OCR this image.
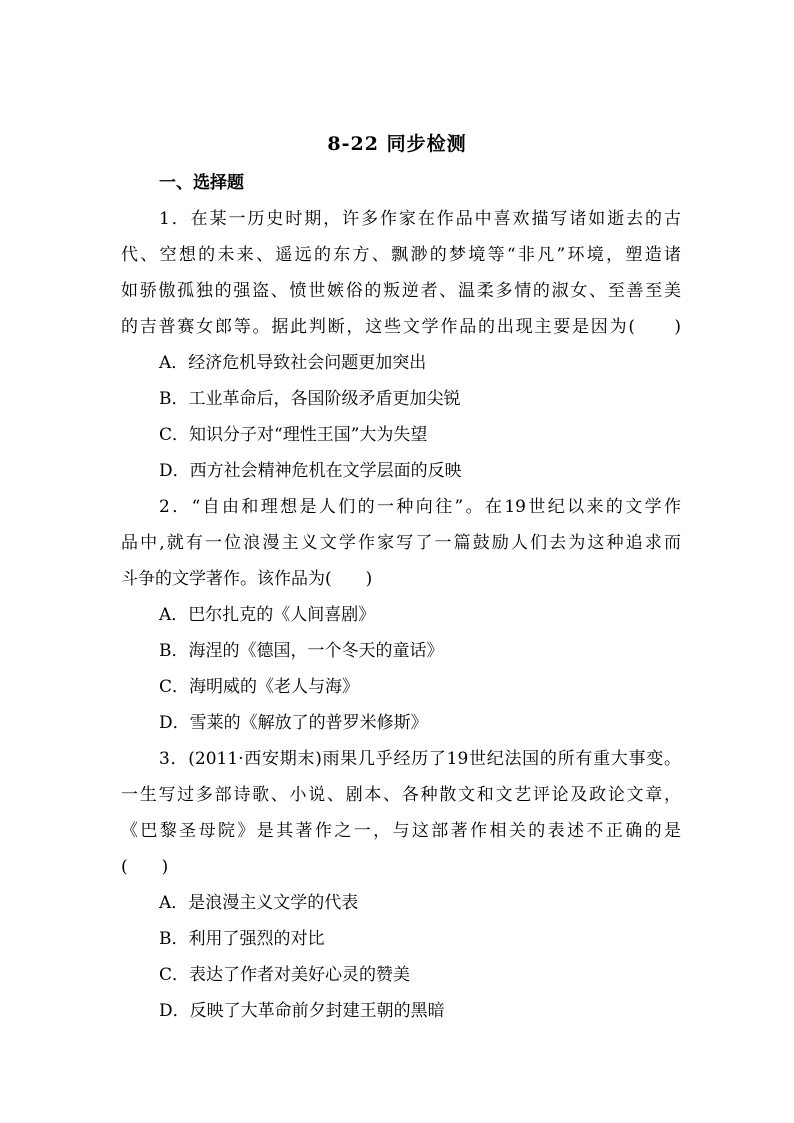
8-22 同步检测
一、选择题
1．在某一历史时期，许多作家在作品中喜欢描写诸如逝去的古
代、空想的未来、遥远的东方、飘渺的梦境等“非凡”环境，塑造诸
如骄傲孤独的强盗、愤世嫉俗的叛逆者、温柔多情的淑女、至善至美
的吉普赛女郎等。据此判断，这些文学作品的出现主要是因为(　　)
A．经济危机导致社会问题更加突出
B．工业革命后，各国阶级矛盾更加尖锐
C．知识分子对“理性王国”大为失望
D．西方社会精神危机在文学层面的反映
2．“自由和理想是人们的一种向往”。在19世纪以来的文学作
品中,就有一位浪漫主义文学作家写了一篇鼓励人们去为这种追求而
斗争的文学著作。该作品为(　　)
A．巴尔扎克的《人间喜剧》
B．海涅的《德国，一个冬天的童话》
C．海明威的《老人与海》
D．雪莱的《解放了的普罗米修斯》
3．(2011·西安期末)雨果几乎经历了19世纪法国的所有重大事变。
一生写过多部诗歌、小说、剧本、各种散文和文艺评论及政论文章，
《巴黎圣母院》是其著作之一，与这部著作相关的表述不正确的是
(　　)
A．是浪漫主义文学的代表
B．利用了强烈的对比
C．表达了作者对美好心灵的赞美
D．反映了大革命前夕封建王朝的黑暗
